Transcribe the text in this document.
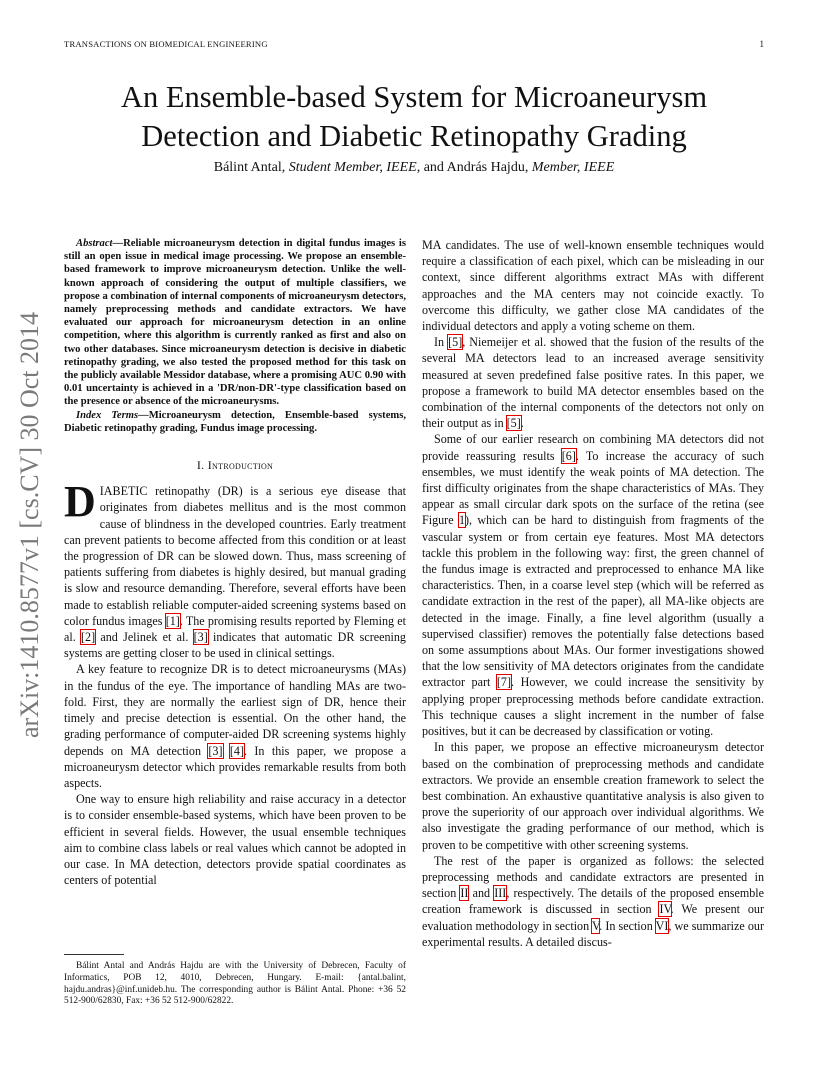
TRANSACTIONS ON BIOMEDICAL ENGINEERING	1
An Ensemble-based System for Microaneurysm
Detection and Diabetic Retinopathy Grading
Bálint Antal, Student Member, IEEE, and András Hajdu, Member, IEEE
arXiv:1410.8577v1 [cs.CV] 30 Oct 2014

Abstract—Reliable microaneurysm detection in digital fundus images is still an open issue in medical image processing. We propose an ensemble-based framework to improve microaneurysm detection. Unlike the well-known approach of considering the output of multiple classifiers, we propose a combination of internal components of microaneurysm detectors, namely preprocessing methods and candidate extractors. We have evaluated our approach for microaneurysm detection in an online competition, where this algorithm is currently ranked as first and also on two other databases. Since microaneurysm detection is decisive in diabetic retinopathy grading, we also tested the proposed method for this task on the publicly available Messidor database, where a promising AUC 0.90 with 0.01 uncertainty is achieved in a 'DR/non-DR'-type classification based on the presence or absence of the microaneurysms.

Index Terms—Microaneurysm detection, Ensemble-based systems, Diabetic retinopathy grading, Fundus image processing.

I. Introduction

DIABETIC retinopathy (DR) is a serious eye disease that originates from diabetes mellitus and is the most common cause of blindness in the developed countries. Early treatment can prevent patients to become affected from this condition or at least the progression of DR can be slowed down. Thus, mass screening of patients suffering from diabetes is highly desired, but manual grading is slow and resource demanding. Therefore, several efforts have been made to establish reliable computer-aided screening systems based on color fundus images [1]. The promising results reported by Fleming et al. [2] and Jelinek et al. [3] indicates that automatic DR screening systems are getting closer to be used in clinical settings.

A key feature to recognize DR is to detect microaneurysms (MAs) in the fundus of the eye. The importance of handling MAs are two-fold. First, they are normally the earliest sign of DR, hence their timely and precise detection is essential. On the other hand, the grading performance of computer-aided DR screening systems highly depends on MA detection [3] [4]. In this paper, we propose a microaneurysm detector which provides remarkable results from both aspects.

One way to ensure high reliability and raise accuracy in a detector is to consider ensemble-based systems, which have been proven to be efficient in several fields. However, the usual ensemble techniques aim to combine class labels or real values which cannot be adopted in our case. In MA detection, detectors provide spatial coordinates as centers of potential

Bálint Antal and András Hajdu are with the University of Debrecen, Faculty of Informatics, POB 12, 4010, Debrecen, Hungary. E-mail: {antal.balint, hajdu.andras}@inf.unideb.hu. The corresponding author is Bálint Antal. Phone: +36 52 512-900/62830, Fax: +36 52 512-900/62822.

MA candidates. The use of well-known ensemble techniques would require a classification of each pixel, which can be misleading in our context, since different algorithms extract MAs with different approaches and the MA centers may not coincide exactly. To overcome this difficulty, we gather close MA candidates of the individual detectors and apply a voting scheme on them.

In [5], Niemeijer et al. showed that the fusion of the results of the several MA detectors lead to an increased average sensitivity measured at seven predefined false positive rates. In this paper, we propose a framework to build MA detector ensembles based on the combination of the internal components of the detectors not only on their output as in [5].

Some of our earlier research on combining MA detectors did not provide reassuring results [6]. To increase the accuracy of such ensembles, we must identify the weak points of MA detection. The first difficulty originates from the shape characteristics of MAs. They appear as small circular dark spots on the surface of the retina (see Figure 1), which can be hard to distinguish from fragments of the vascular system or from certain eye features. Most MA detectors tackle this problem in the following way: first, the green channel of the fundus image is extracted and preprocessed to enhance MA like characteristics. Then, in a coarse level step (which will be referred as candidate extraction in the rest of the paper), all MA-like objects are detected in the image. Finally, a fine level algorithm (usually a supervised classifier) removes the potentially false detections based on some assumptions about MAs. Our former investigations showed that the low sensitivity of MA detectors originates from the candidate extractor part [7]. However, we could increase the sensitivity by applying proper preprocessing methods before candidate extraction. This technique causes a slight increment in the number of false positives, but it can be decreased by classification or voting.

In this paper, we propose an effective microaneurysm detector based on the combination of preprocessing methods and candidate extractors. We provide an ensemble creation framework to select the best combination. An exhaustive quantitative analysis is also given to prove the superiority of our approach over individual algorithms. We also investigate the grading performance of our method, which is proven to be competitive with other screening systems.

The rest of the paper is organized as follows: the selected preprocessing methods and candidate extractors are presented in section II and III, respectively. The details of the proposed ensemble creation framework is discussed in section IV. We present our evaluation methodology in section V. In section VI, we summarize our experimental results. A detailed discus-
